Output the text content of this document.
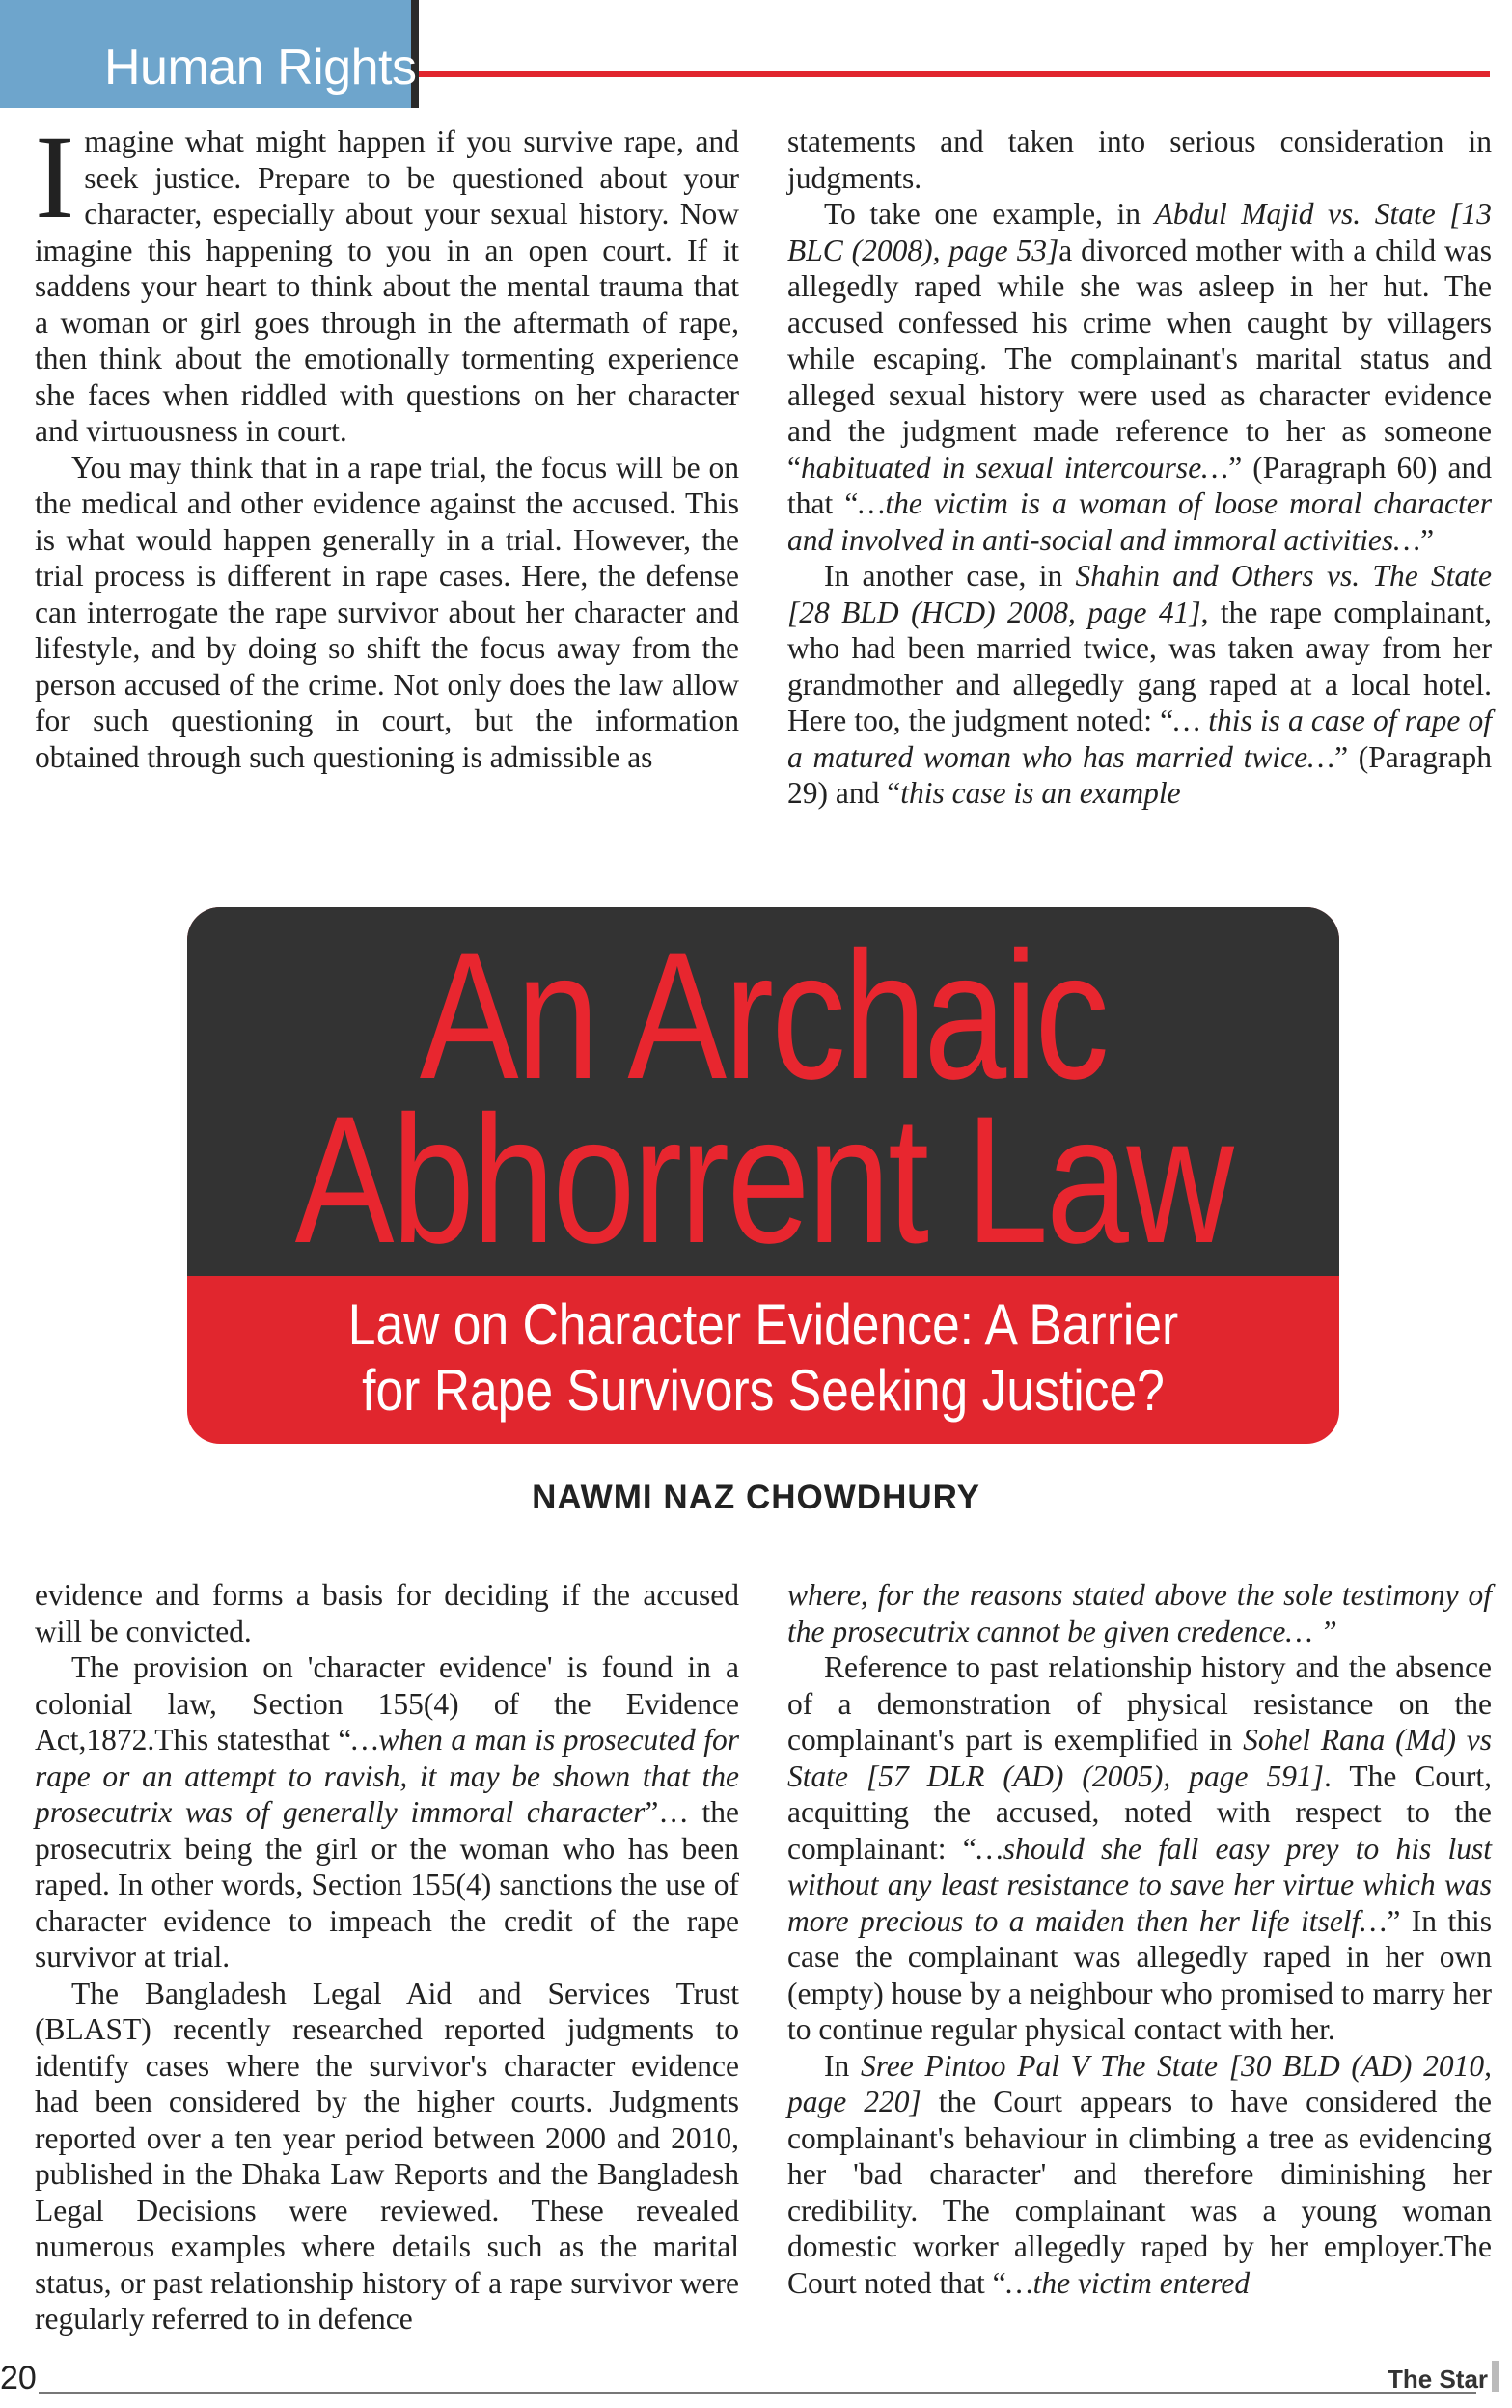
Human Rights

Imagine what might happen if you survive rape, and seek justice. Prepare to be questioned about your character, especially about your sexual history. Now imagine this happening to you in an open court. If it saddens your heart to think about the mental trauma that a woman or girl goes through in the aftermath of rape, then think about the emotionally tormenting experience she faces when riddled with questions on her character and virtuousness in court.

You may think that in a rape trial, the focus will be on the medical and other evidence against the accused. This is what would happen generally in a trial. However, the trial process is different in rape cases. Here, the defense can interrogate the rape survivor about her character and lifestyle, and by doing so shift the focus away from the person accused of the crime. Not only does the law allow for such questioning in court, but the information obtained through such questioning is admissible as

statements and taken into serious consideration in judgments.

To take one example, in Abdul Majid vs. State [13 BLC (2008), page 53]a divorced mother with a child was allegedly raped while she was asleep in her hut. The accused confessed his crime when caught by villagers while escaping. The complainant's marital status and alleged sexual history were used as character evidence and the judgment made reference to her as someone “habituated in sexual intercourse…” (Paragraph 60) and that “…the victim is a woman of loose moral character and involved in anti-social and immoral activities…”

In another case, in Shahin and Others vs. The State [28 BLD (HCD) 2008, page 41], the rape complainant, who had been married twice, was taken away from her grandmother and allegedly gang raped at a local hotel. Here too, the judgment noted: “… this is a case of rape of a matured woman who has married twice…” (Paragraph 29) and “this case is an example

An Archaic
Abhorrent Law
Law on Character Evidence: A Barrier
for Rape Survivors Seeking Justice?
NAWMI NAZ CHOWDHURY

evidence and forms a basis for deciding if the accused will be convicted.

The provision on 'character evidence' is found in a colonial law, Section 155(4) of the Evidence Act,1872.This statesthat “…when a man is prosecuted for rape or an attempt to ravish, it may be shown that the prosecutrix was of generally immoral character”… the prosecutrix being the girl or the woman who has been raped. In other words, Section 155(4) sanctions the use of character evidence to impeach the credit of the rape survivor at trial.

The Bangladesh Legal Aid and Services Trust (BLAST) recently researched reported judgments to identify cases where the survivor's character evidence had been considered by the higher courts. Judgments reported over a ten year period between 2000 and 2010, published in the Dhaka Law Reports and the Bangladesh Legal Decisions were reviewed. These revealed numerous examples where details such as the marital status, or past relationship history of a rape survivor were regularly referred to in defence

where, for the reasons stated above the sole testimony of the prosecutrix cannot be given credence… ”

Reference to past relationship history and the absence of a demonstration of physical resistance on the complainant's part is exemplified in Sohel Rana (Md) vs State [57 DLR (AD) (2005), page 591]. The Court, acquitting the accused, noted with respect to the complainant: “…should she fall easy prey to his lust without any least resistance to save her virtue which was more precious to a maiden then her life itself…” In this case the complainant was allegedly raped in her own (empty) house by a neighbour who promised to marry her to continue regular physical contact with her.

In Sree Pintoo Pal V The State [30 BLD (AD) 2010, page 220] the Court appears to have considered the complainant's behaviour in climbing a tree as evidencing her 'bad character' and therefore diminishing her credibility. The complainant was a young woman domestic worker allegedly raped by her employer.The Court noted that “…the victim entered

20	The Star
